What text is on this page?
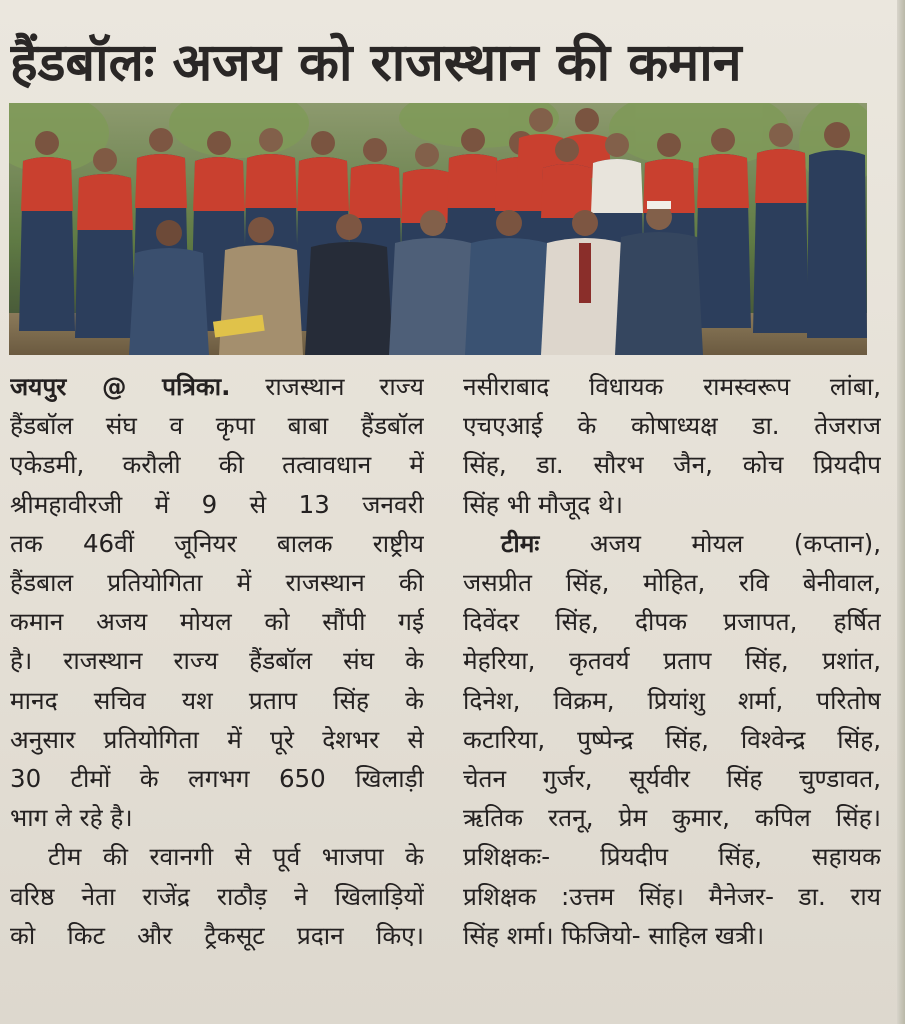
हैंडबॉलः अजय को राजस्थान की कमान
जयपुर @ पत्रिका. राजस्थान राज्य
हैंडबॉल संघ व कृपा बाबा हैंडबॉल
एकेडमी, करौली की तत्वावधान में
श्रीमहावीरजी में 9 से 13 जनवरी
तक 46वीं जूनियर बालक राष्ट्रीय
हैंडबाल प्रतियोगिता में राजस्थान की
कमान अजय मोयल को सौंपी गई
है। राजस्थान राज्य हैंडबॉल संघ के
मानद सचिव यश प्रताप सिंह के
अनुसार प्रतियोगिता में पूरे देशभर से
30 टीमों के लगभग 650 खिलाड़ी
भाग ले रहे है।
टीम की रवानगी से पूर्व भाजपा के
वरिष्ठ नेता राजेंद्र राठौड़ ने खिलाड़ियों
को किट और ट्रैकसूट प्रदान किए।
नसीराबाद विधायक रामस्वरूप लांबा,
एचएआई के कोषाध्यक्ष डा. तेजराज
सिंह, डा. सौरभ जैन, कोच प्रियदीप
सिंह भी मौजूद थे।
टीमः अजय मोयल (कप्तान),
जसप्रीत सिंह, मोहित, रवि बेनीवाल,
दिवेंदर सिंह, दीपक प्रजापत, हर्षित
मेहरिया, कृतवर्य प्रताप सिंह, प्रशांत,
दिनेश, विक्रम, प्रियांशु शर्मा, परितोष
कटारिया, पुष्पेन्द्र सिंह, विश्वेन्द्र सिंह,
चेतन गुर्जर, सूर्यवीर सिंह चुण्डावत,
ऋतिक रतनू, प्रेम कुमार, कपिल सिंह।
प्रशिक्षकः- प्रियदीप सिंह, सहायक
प्रशिक्षक :उत्तम सिंह। मैनेजर- डा. राय
सिंह शर्मा। फिजियो- साहिल खत्री।
